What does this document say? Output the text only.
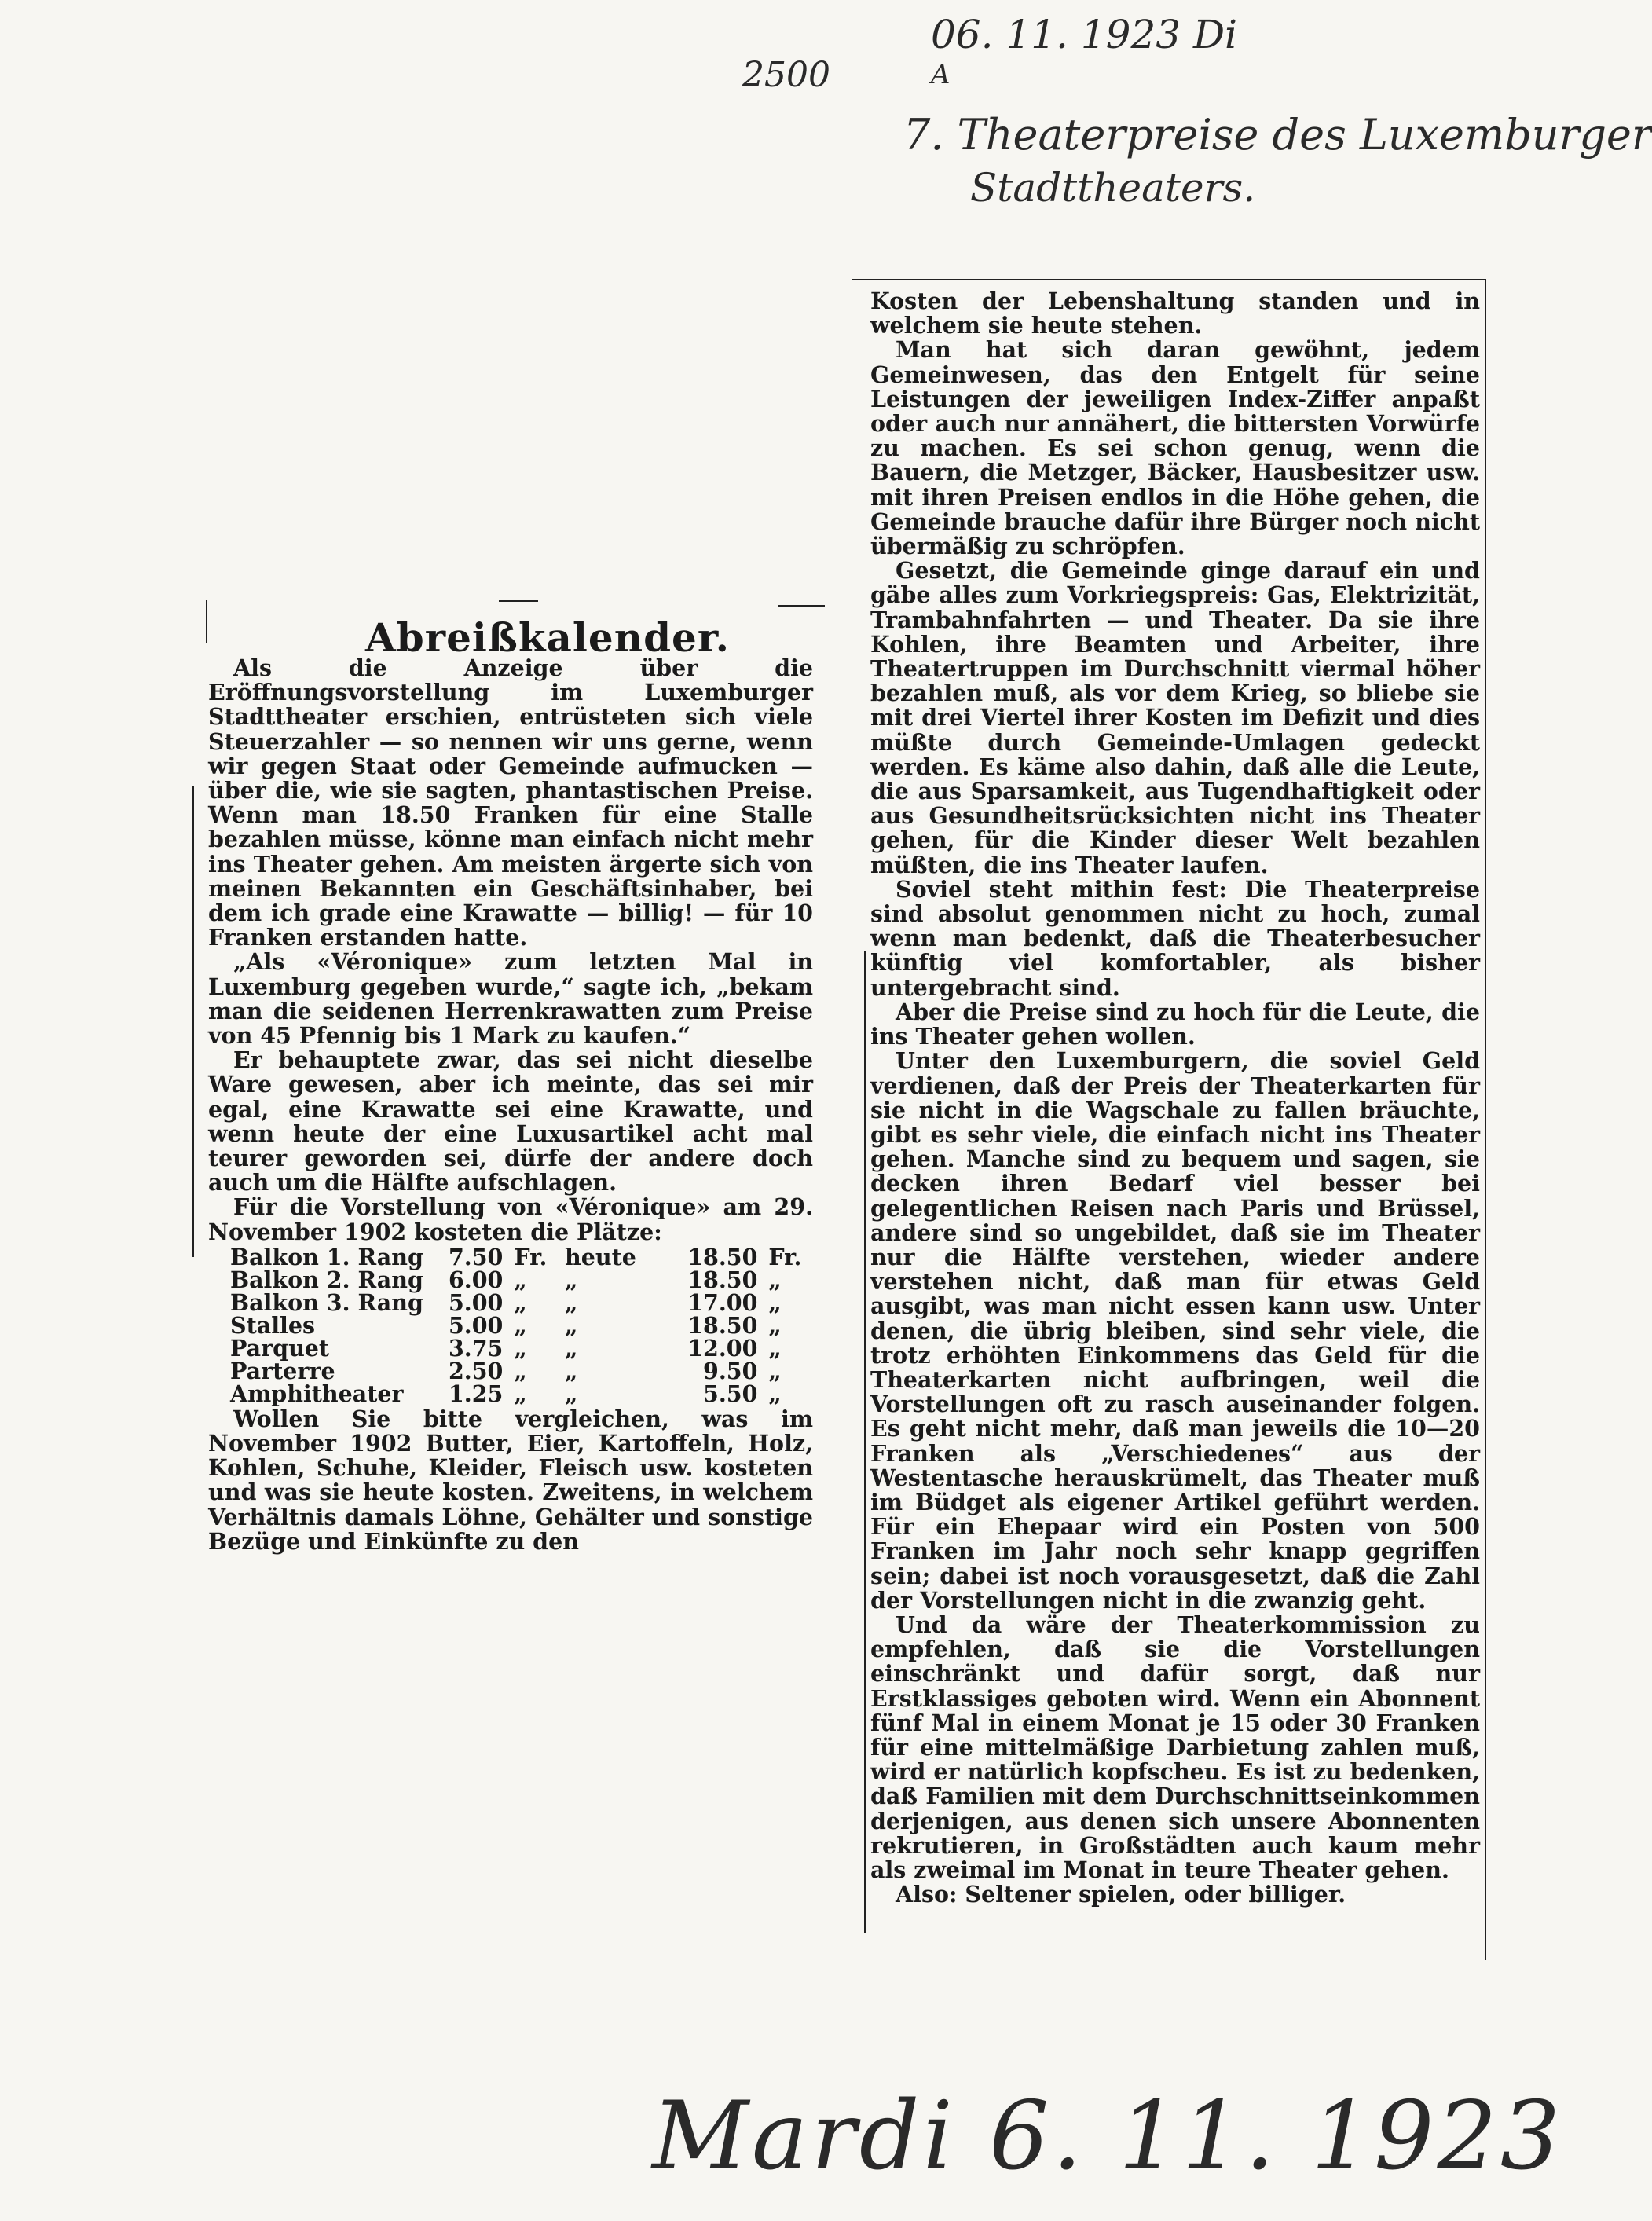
2500
06. 11. 1923 Di
A
7. Theaterpreise des Luxemburger
Stadttheaters.
Mardi 6. 11. 1923
Abreißkalender.

Als die Anzeige über die Eröffnungsvorstellung im Luxemburger Stadttheater erschien, entrüsteten sich viele Steuerzahler — so nennen wir uns gerne, wenn wir gegen Staat oder Gemeinde aufmucken — über die, wie sie sagten, phantastischen Preise. Wenn man 18.50 Franken für eine Stalle bezahlen müsse, könne man einfach nicht mehr ins Theater gehen. Am meisten ärgerte sich von meinen Bekannten ein Geschäftsinhaber, bei dem ich grade eine Krawatte — billig! — für 10 Franken erstanden hatte.

„Als «Véronique» zum letzten Mal in Luxemburg gegeben wurde,“ sagte ich, „bekam man die seidenen Herrenkrawatten zum Preise von 45 Pfennig bis 1 Mark zu kaufen.“

Er behauptete zwar, das sei nicht dieselbe Ware gewesen, aber ich meinte, das sei mir egal, eine Krawatte sei eine Krawatte, und wenn heute der eine Luxusartikel acht mal teurer geworden sei, dürfe der andere doch auch um die Hälfte aufschlagen.

Für die Vorstellung von «Véronique» am 29. November 1902 kosteten die Plätze:

Balkon 1. Rang	7.50	Fr.	heute	18.50	Fr.
Balkon 2. Rang	6.00	„	„	18.50	„
Balkon 3. Rang	5.00	„	„	17.00	„
Stalles	5.00	„	„	18.50	„
Parquet	3.75	„	„	12.00	„
Parterre	2.50	„	„	9.50	„
Amphitheater	1.25	„	„	5.50	„

Wollen Sie bitte vergleichen, was im November 1902 Butter, Eier, Kartoffeln, Holz, Kohlen, Schuhe, Kleider, Fleisch usw. kosteten und was sie heute kosten. Zweitens, in welchem Verhältnis damals Löhne, Gehälter und sonstige Bezüge und Einkünfte zu den

Kosten der Lebenshaltung standen und in welchem sie heute stehen.

Man hat sich daran gewöhnt, jedem Gemeinwesen, das den Entgelt für seine Leistungen der jeweiligen Index-Ziffer anpaßt oder auch nur annähert, die bittersten Vorwürfe zu machen. Es sei schon genug, wenn die Bauern, die Metzger, Bäcker, Hausbesitzer usw. mit ihren Preisen endlos in die Höhe gehen, die Gemeinde brauche dafür ihre Bürger noch nicht übermäßig zu schröpfen.

Gesetzt, die Gemeinde ginge darauf ein und gäbe alles zum Vorkriegspreis: Gas, Elektrizität, Trambahnfahrten — und Theater. Da sie ihre Kohlen, ihre Beamten und Arbeiter, ihre Theatertruppen im Durchschnitt viermal höher bezahlen muß, als vor dem Krieg, so bliebe sie mit drei Viertel ihrer Kosten im Defizit und dies müßte durch Gemeinde-Umlagen gedeckt werden. Es käme also dahin, daß alle die Leute, die aus Sparsamkeit, aus Tugendhaftigkeit oder aus Gesundheitsrücksichten nicht ins Theater gehen, für die Kinder dieser Welt bezahlen müßten, die ins Theater laufen.

Soviel steht mithin fest: Die Theaterpreise sind absolut genommen nicht zu hoch, zumal wenn man bedenkt, daß die Theaterbesucher künftig viel komfortabler, als bisher untergebracht sind.

Aber die Preise sind zu hoch für die Leute, die ins Theater gehen wollen.

Unter den Luxemburgern, die soviel Geld verdienen, daß der Preis der Theaterkarten für sie nicht in die Wagschale zu fallen bräuchte, gibt es sehr viele, die einfach nicht ins Theater gehen. Manche sind zu bequem und sagen, sie decken ihren Bedarf viel besser bei gelegentlichen Reisen nach Paris und Brüssel, andere sind so ungebildet, daß sie im Theater nur die Hälfte verstehen, wieder andere verstehen nicht, daß man für etwas Geld ausgibt, was man nicht essen kann usw. Unter denen, die übrig bleiben, sind sehr viele, die trotz erhöhten Einkommens das Geld für die Theaterkarten nicht aufbringen, weil die Vorstellungen oft zu rasch auseinander folgen. Es geht nicht mehr, daß man jeweils die 10—20 Franken als „Verschiedenes“ aus der Westentasche herauskrümelt, das Theater muß im Büdget als eigener Artikel geführt werden. Für ein Ehepaar wird ein Posten von 500 Franken im Jahr noch sehr knapp gegriffen sein; dabei ist noch vorausgesetzt, daß die Zahl der Vorstellungen nicht in die zwanzig geht.

Und da wäre der Theaterkommission zu empfehlen, daß sie die Vorstellungen einschränkt und dafür sorgt, daß nur Erstklassiges geboten wird. Wenn ein Abonnent fünf Mal in einem Monat je 15 oder 30 Franken für eine mittelmäßige Darbietung zahlen muß, wird er natürlich kopfscheu. Es ist zu bedenken, daß Familien mit dem Durchschnittseinkommen derjenigen, aus denen sich unsere Abonnenten rekrutieren, in Großstädten auch kaum mehr als zweimal im Monat in teure Theater gehen.

Also: Seltener spielen, oder billiger.
